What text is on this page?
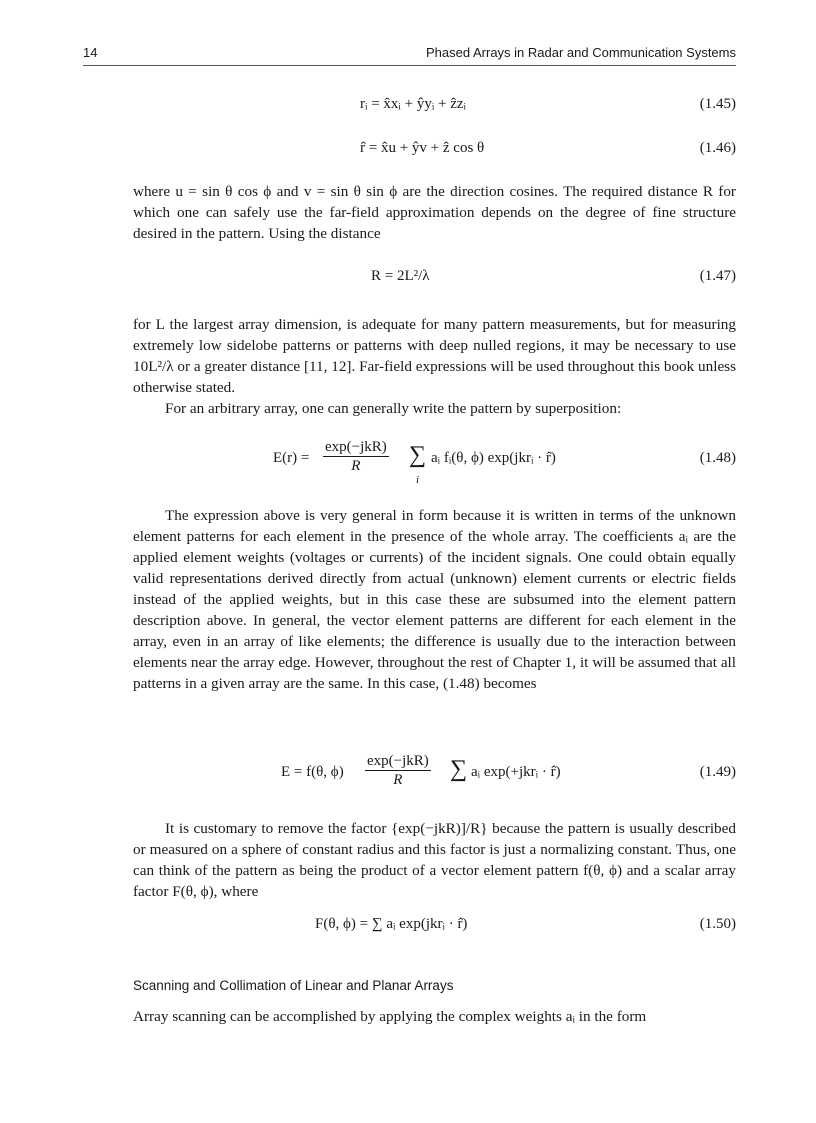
14	Phased Arrays in Radar and Communication Systems
rᵢ = x̂xᵢ + ŷyᵢ + ẑzᵢ	(1.45)
r̂ = x̂u + ŷv + ẑ cos θ	(1.46)

where u = sin θ cos ϕ and v = sin θ sin ϕ are the direction cosines. The required distance R for which one can safely use the far-field approximation depends on the degree of fine structure desired in the pattern. Using the distance

R = 2L²/λ	(1.47)

for L the largest array dimension, is adequate for many pattern measurements, but for measuring extremely low sidelobe patterns or patterns with deep nulled regions, it may be necessary to use 10L²/λ or a greater distance [11, 12]. Far-field expressions will be used throughout this book unless otherwise stated.

For an arbitrary array, one can generally write the pattern by superposition:

E(r) =
exp(−jkR)
R	∑
i
aᵢ fᵢ(θ, ϕ) exp(jkrᵢ · r̂)	(1.48)

The expression above is very general in form because it is written in terms of the unknown element patterns for each element in the presence of the whole array. The coefficients aᵢ are the applied element weights (voltages or currents) of the incident signals. One could obtain equally valid representations derived directly from actual (unknown) element currents or electric fields instead of the applied weights, but in this case these are subsumed into the element pattern description above. In general, the vector element patterns are different for each element in the array, even in an array of like elements; the difference is usually due to the interaction between elements near the array edge. However, throughout the rest of Chapter 1, it will be assumed that all patterns in a given array are the same. In this case, (1.48) becomes

E = f(θ, ϕ)
exp(−jkR)
R	∑ aᵢ exp(+jkrᵢ · r̂)	(1.49)

It is customary to remove the factor {exp(−jkR)]/R} because the pattern is usually described or measured on a sphere of constant radius and this factor is just a normalizing constant. Thus, one can think of the pattern as being the product of a vector element pattern f(θ, ϕ) and a scalar array factor F(θ, ϕ), where

F(θ, ϕ) = ∑ aᵢ exp(jkrᵢ · r̂)	(1.50)
Scanning and Collimation of Linear and Planar Arrays

Array scanning can be accomplished by applying the complex weights aᵢ in the form
